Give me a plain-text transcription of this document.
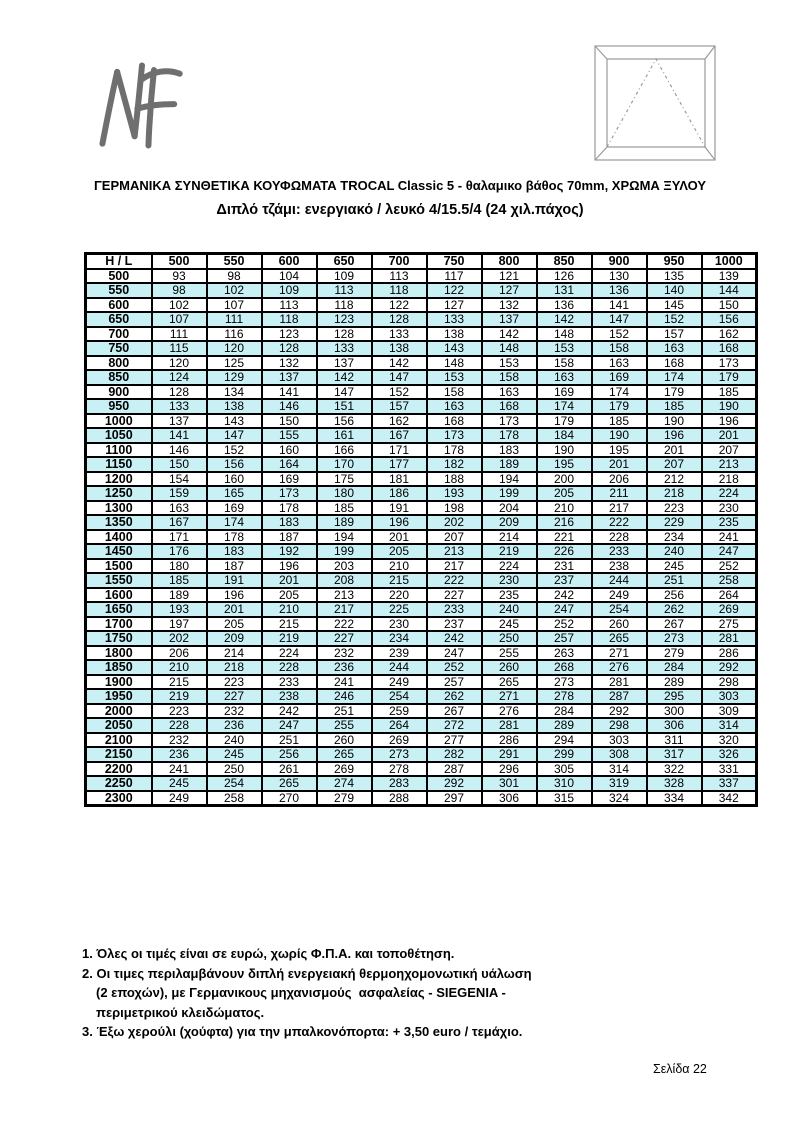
ΓΕΡΜΑΝΙΚΑ ΣΥΝΘΕΤΙΚΑ ΚΟΥΦΩΜΑΤΑ TROCAL Classic 5 - θαλαμικο βάθος 70mm, ΧΡΩΜΑ ΞΥΛΟΥ
Διπλό τζάμι: ενεργιακό / λευκό 4/15.5/4 (24 χιλ.πάχος)
H / L	500	550	600	650	700	750	800	850	900	950	1000
500	93	98	104	109	113	117	121	126	130	135	139
550	98	102	109	113	118	122	127	131	136	140	144
600	102	107	113	118	122	127	132	136	141	145	150
650	107	111	118	123	128	133	137	142	147	152	156
700	111	116	123	128	133	138	142	148	152	157	162
750	115	120	128	133	138	143	148	153	158	163	168
800	120	125	132	137	142	148	153	158	163	168	173
850	124	129	137	142	147	153	158	163	169	174	179
900	128	134	141	147	152	158	163	169	174	179	185
950	133	138	146	151	157	163	168	174	179	185	190
1000	137	143	150	156	162	168	173	179	185	190	196
1050	141	147	155	161	167	173	178	184	190	196	201
1100	146	152	160	166	171	178	183	190	195	201	207
1150	150	156	164	170	177	182	189	195	201	207	213
1200	154	160	169	175	181	188	194	200	206	212	218
1250	159	165	173	180	186	193	199	205	211	218	224
1300	163	169	178	185	191	198	204	210	217	223	230
1350	167	174	183	189	196	202	209	216	222	229	235
1400	171	178	187	194	201	207	214	221	228	234	241
1450	176	183	192	199	205	213	219	226	233	240	247
1500	180	187	196	203	210	217	224	231	238	245	252
1550	185	191	201	208	215	222	230	237	244	251	258
1600	189	196	205	213	220	227	235	242	249	256	264
1650	193	201	210	217	225	233	240	247	254	262	269
1700	197	205	215	222	230	237	245	252	260	267	275
1750	202	209	219	227	234	242	250	257	265	273	281
1800	206	214	224	232	239	247	255	263	271	279	286
1850	210	218	228	236	244	252	260	268	276	284	292
1900	215	223	233	241	249	257	265	273	281	289	298
1950	219	227	238	246	254	262	271	278	287	295	303
2000	223	232	242	251	259	267	276	284	292	300	309
2050	228	236	247	255	264	272	281	289	298	306	314
2100	232	240	251	260	269	277	286	294	303	311	320
2150	236	245	256	265	273	282	291	299	308	317	326
2200	241	250	261	269	278	287	296	305	314	322	331
2250	245	254	265	274	283	292	301	310	319	328	337
2300	249	258	270	279	288	297	306	315	324	334	342
1. Όλες οι τιμές είναι σε ευρώ, χωρίς Φ.Π.Α. και τοποθέτηση.
2. Οι τιμες περιλαμβάνουν διπλή ενεργειακή θερμοηχομονωτική υάλωση
(2 εποχών), με Γερμανικους μηχανισμούς  ασφαλείας - SIEGENIA -
περιμετρικού κλειδώματος.
3. Έξω χερούλι (χούφτα) για την μπαλκονόπορτα: + 3,50 euro / τεμάχιο.
Σελίδα 22
